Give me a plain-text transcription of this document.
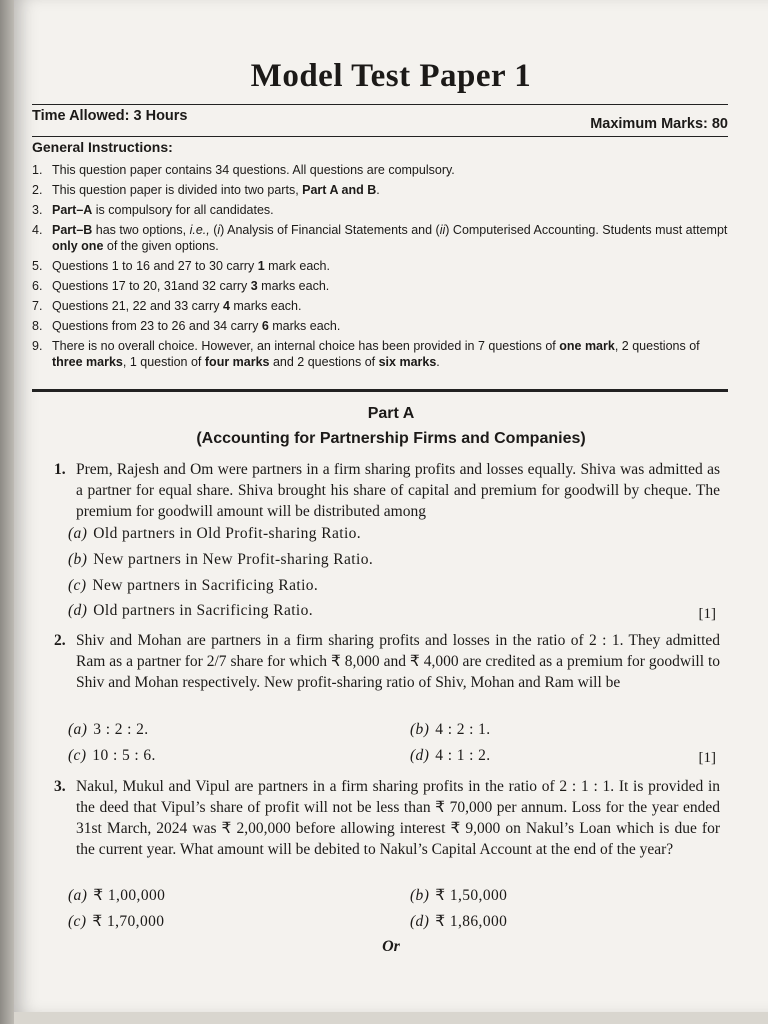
Model Test Paper 1
Time Allowed: 3 Hours	Maximum Marks: 80
General Instructions:
1. This question paper contains 34 questions. All questions are compulsory.
2. This question paper is divided into two parts, Part A and B.
3. Part–A is compulsory for all candidates.
4. Part–B has two options, i.e., (i) Analysis of Financial Statements and (ii) Computerised Accounting. Students must attempt only one of the given options.
5. Questions 1 to 16 and 27 to 30 carry 1 mark each.
6. Questions 17 to 20, 31and 32 carry 3 marks each.
7. Questions 21, 22 and 33 carry 4 marks each.
8. Questions from 23 to 26 and 34 carry 6 marks each.
9. There is no overall choice. However, an internal choice has been provided in 7 questions of one mark, 2 questions of three marks, 1 question of four marks and 2 questions of six marks.
Part A
(Accounting for Partnership Firms and Companies)
1. Prem, Rajesh and Om were partners in a firm sharing profits and losses equally. Shiva was admitted as a partner for equal share. Shiva brought his share of capital and premium for goodwill by cheque. The premium for goodwill amount will be distributed among
(a) Old partners in Old Profit-sharing Ratio.
(b) New partners in New Profit-sharing Ratio.
(c) New partners in Sacrificing Ratio.
(d) Old partners in Sacrificing Ratio.	[1]
2. Shiv and Mohan are partners in a firm sharing profits and losses in the ratio of 2 : 1. They admitted Ram as a partner for 2/7 share for which ₹ 8,000 and ₹ 4,000 are credited as a premium for goodwill to Shiv and Mohan respectively. New profit-sharing ratio of Shiv, Mohan and Ram will be
(a) 3 : 2 : 2.	(b) 4 : 2 : 1.
(c) 10 : 5 : 6.	(d) 4 : 1 : 2.	[1]
3. Nakul, Mukul and Vipul are partners in a firm sharing profits in the ratio of 2 : 1 : 1. It is provided in the deed that Vipul’s share of profit will not be less than ₹ 70,000 per annum. Loss for the year ended 31st March, 2024 was ₹ 2,00,000 before allowing interest ₹ 9,000 on Nakul’s Loan which is due for the current year. What amount will be debited to Nakul’s Capital Account at the end of the year?
(a) ₹ 1,00,000	(b) ₹ 1,50,000
(c) ₹ 1,70,000	(d) ₹ 1,86,000
Or
